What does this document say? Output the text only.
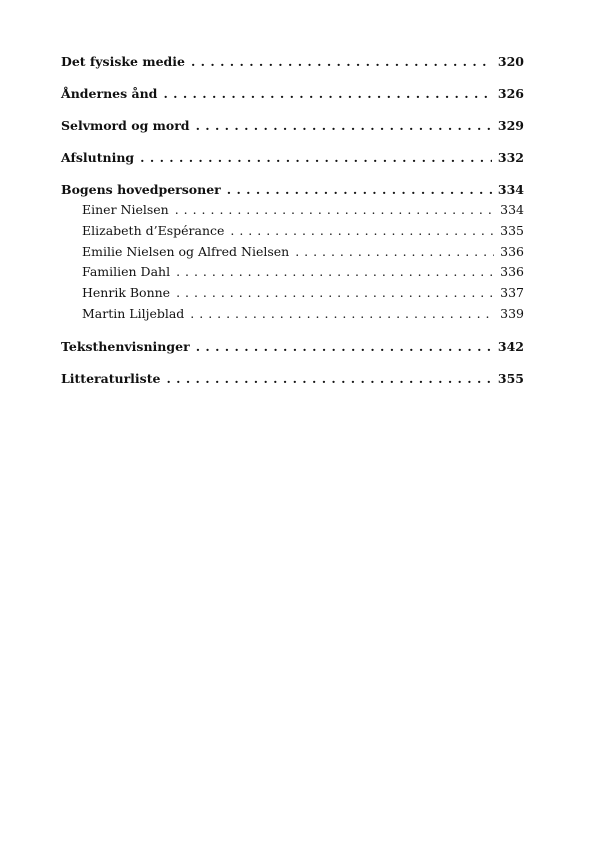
Det fysiske medie . . .	320
Åndernes ånd . . .	326
Selvmord og mord . . .	329
Afslutning . . .	332
Bogens hovedpersoner . . .	334
Einer Nielsen . . .	334
Elizabeth d’Espérance . . .	335
Emilie Nielsen og Alfred Nielsen . . .	336
Familien Dahl . . .	336
Henrik Bonne . . .	337
Martin Liljeblad . . .	339
Teksthenvisninger . . .	342
Litteraturliste . . .	355
